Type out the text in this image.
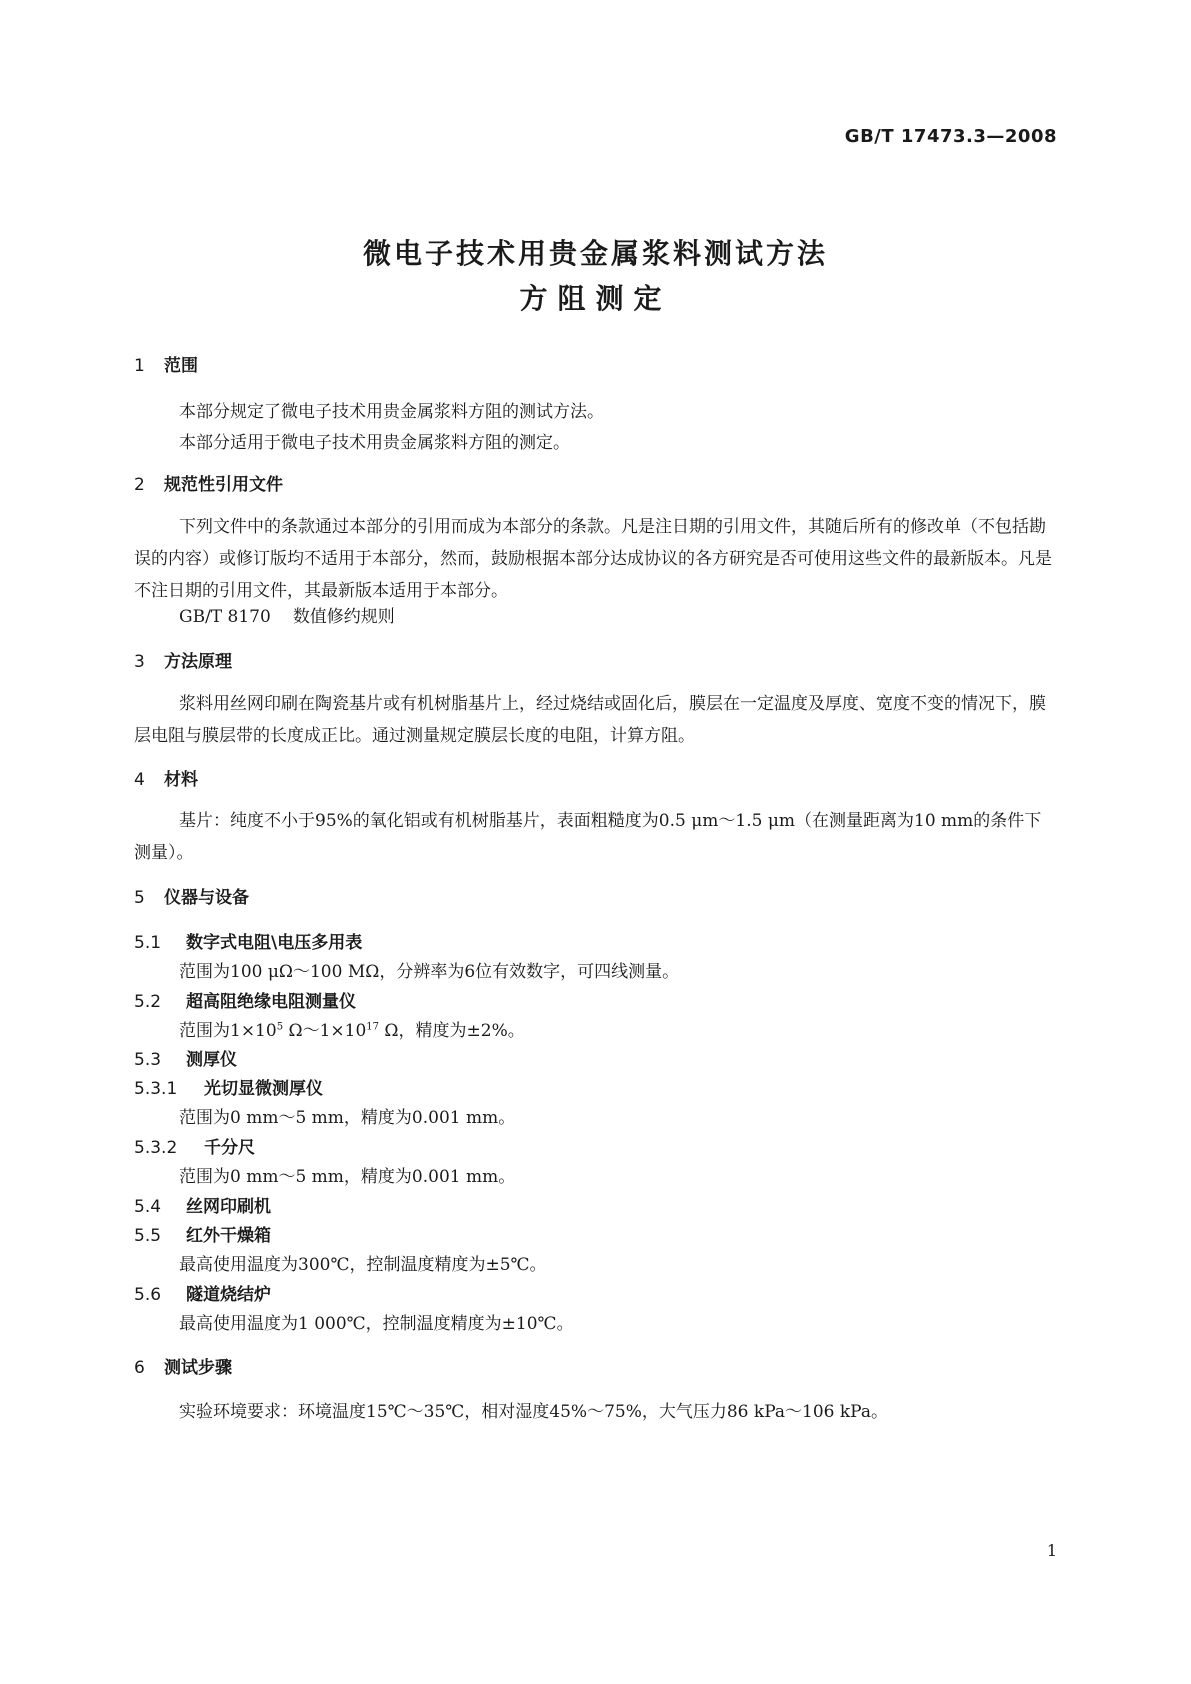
GB/T 17473.3—2008
微电子技术用贵金属浆料测试方法
方阻测定
1 范围
本部分规定了微电子技术用贵金属浆料方阻的测试方法。
本部分适用于微电子技术用贵金属浆料方阻的测定。
2 规范性引用文件
下列文件中的条款通过本部分的引用而成为本部分的条款。凡是注日期的引用文件，其随后所有的修改单（不包括勘误的内容）或修订版均不适用于本部分，然而，鼓励根据本部分达成协议的各方研究是否可使用这些文件的最新版本。凡是不注日期的引用文件，其最新版本适用于本部分。
GB/T 8170 数值修约规则
3 方法原理
浆料用丝网印刷在陶瓷基片或有机树脂基片上，经过烧结或固化后，膜层在一定温度及厚度、宽度不变的情况下，膜层电阻与膜层带的长度成正比。通过测量规定膜层长度的电阻，计算方阻。
4 材料
基片：纯度不小于95%的氧化铝或有机树脂基片，表面粗糙度为0.5 μm～1.5 μm（在测量距离为10 mm的条件下测量）。
5 仪器与设备
5.1 数字式电阻\电压多用表
范围为100 μΩ～100 MΩ，分辨率为6位有效数字，可四线测量。
5.2 超高阻绝缘电阻测量仪
范围为$1\times 10^5$ $\Omega\sim 1\times 10^{17}$ Ω，精度为±2%。
5.3 测厚仪
5.3.1 光切显微测厚仪
范围为0 mm～5 mm，精度为0.001 mm。
5.3.2 千分尺
范围为0 mm～5 mm，精度为0.001 mm。
5.4 丝网印刷机
5.5 红外干燥箱
最高使用温度为300℃，控制温度精度为±5℃。
5.6 隧道烧结炉
最高使用温度为1 000℃，控制温度精度为±10℃。
6 测试步骤
实验环境要求：环境温度15℃～35℃，相对湿度45%～75%，大气压力86 kPa～106 kPa。
1
